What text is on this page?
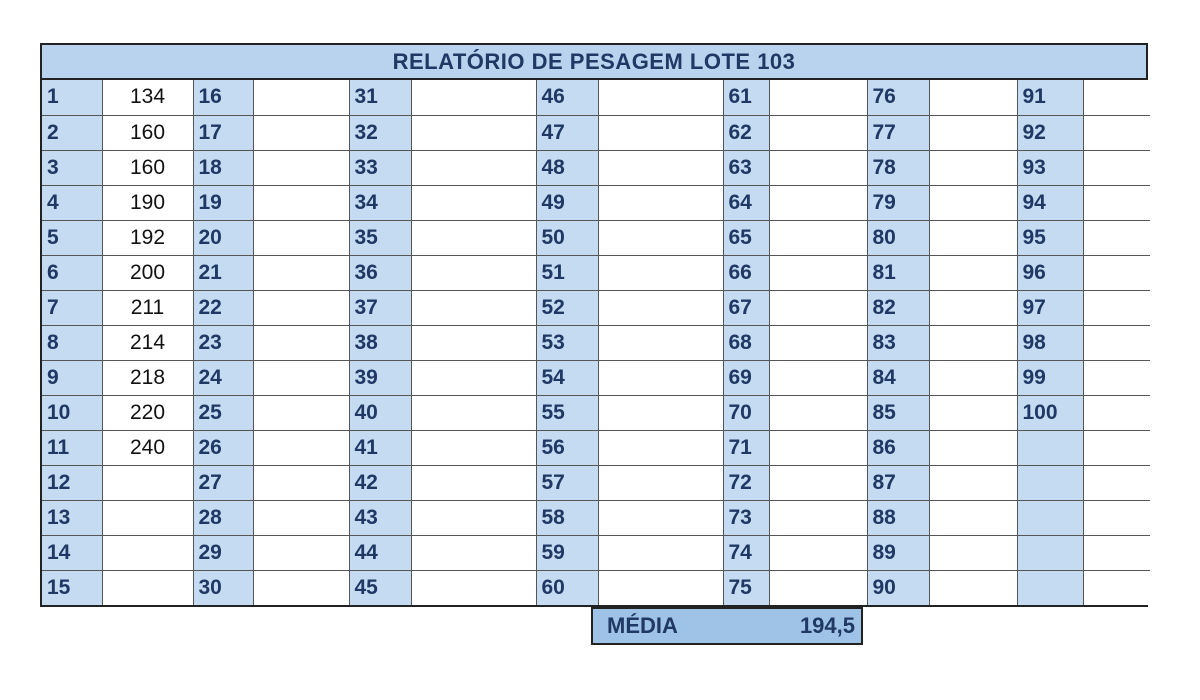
RELATÓRIO DE PESAGEM LOTE 103
1	134	16		31		46		61		76		91	
2	160	17		32		47		62		77		92	
3	160	18		33		48		63		78		93	
4	190	19		34		49		64		79		94	
5	192	20		35		50		65		80		95	
6	200	21		36		51		66		81		96	
7	211	22		37		52		67		82		97	
8	214	23		38		53		68		83		98	
9	218	24		39		54		69		84		99	
10	220	25		40		55		70		85		100	
11	240	26		41		56		71		86			
12		27		42		57		72		87			
13		28		43		58		73		88			
14		29		44		59		74		89			
15		30		45		60		75		90			
MÉDIA	194,5
